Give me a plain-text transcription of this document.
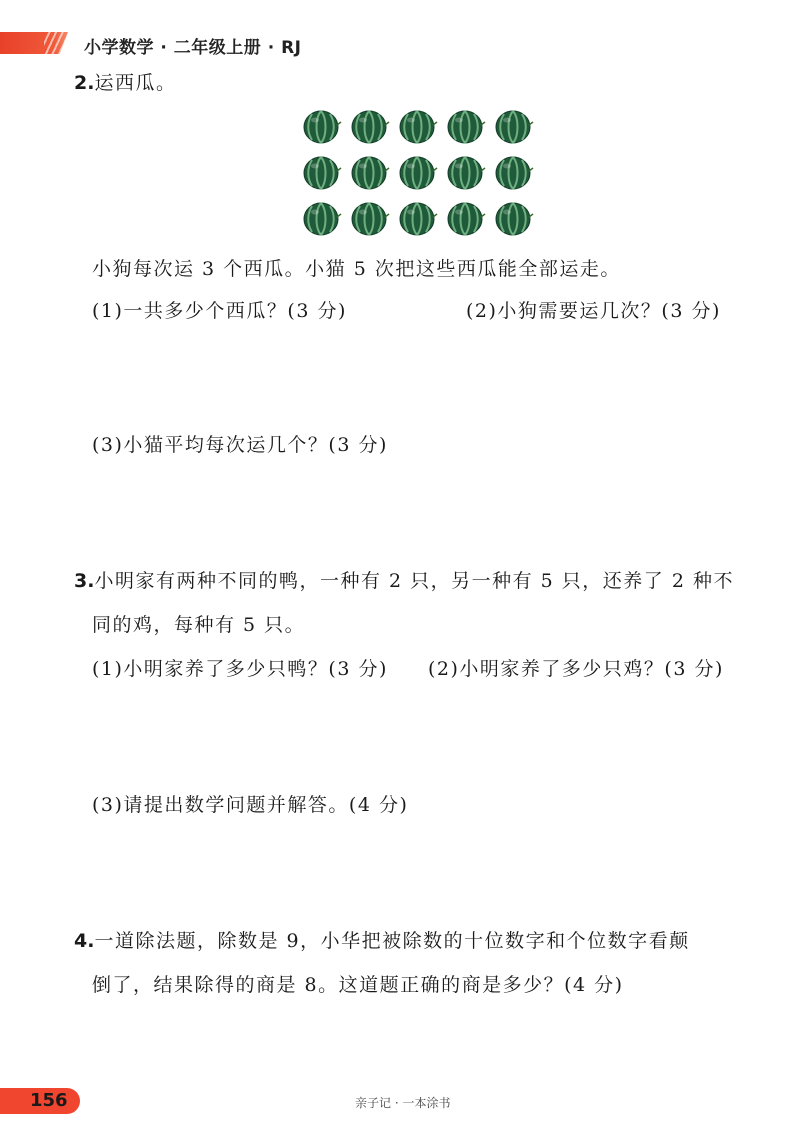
小学数学 · 二年级上册 · RJ
2.运西瓜。
小狗每次运 3 个西瓜。小猫 5 次把这些西瓜能全部运走。
(1)一共多少个西瓜？(3 分)	(2)小狗需要运几次？(3 分)
(3)小猫平均每次运几个？(3 分)
3.小明家有两种不同的鸭，一种有 2 只，另一种有 5 只，还养了 2 种不
同的鸡，每种有 5 只。
(1)小明家养了多少只鸭？(3 分) (2)小明家养了多少只鸡？(3 分)
(3)请提出数学问题并解答。(4 分)
4.一道除法题，除数是 9，小华把被除数的十位数字和个位数字看颠
倒了，结果除得的商是 8。这道题正确的商是多少？(4 分)
156	亲子记 · 一本涂书
